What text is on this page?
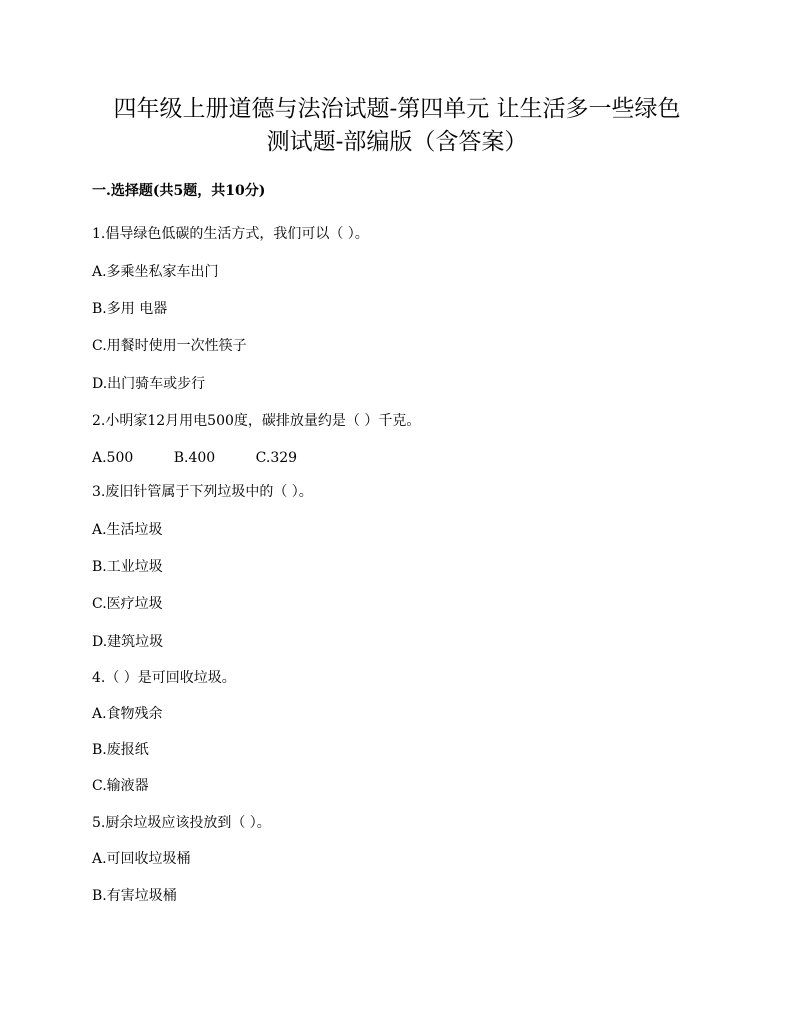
四年级上册道德与法治试题-第四单元 让生活多一些绿色
测试题-部编版（含答案）
一.选择题(共5题，共10分)
1.倡导绿色低碳的生活方式，我们可以（ ）。
A.多乘坐私家车出门
B.多用 电器
C.用餐时使用一次性筷子
D.出门骑车或步行
2.小明家12月用电500度，碳排放量约是（ ）千克。
A.500	B.400	C.329
3.废旧针管属于下列垃圾中的（ ）。
A.生活垃圾
B.工业垃圾
C.医疗垃圾
D.建筑垃圾
4.（ ）是可回收垃圾。
A.食物残余
B.废报纸
C.输液器
5.厨余垃圾应该投放到（ ）。
A.可回收垃圾桶
B.有害垃圾桶
